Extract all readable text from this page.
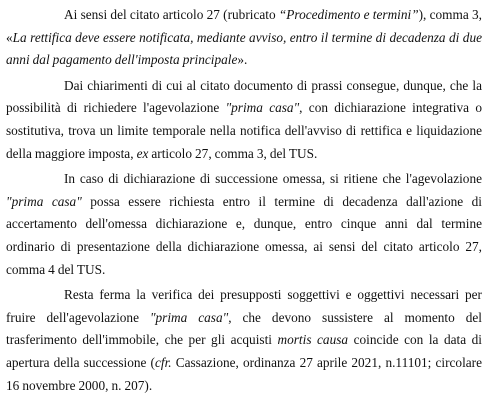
Ai sensi del citato articolo 27 (rubricato “Procedimento e termini”), comma 3, «La rettifica deve essere notificata, mediante avviso, entro il termine di decadenza di due anni dal pagamento dell'imposta principale».

Dai chiarimenti di cui al citato documento di prassi consegue, dunque, che la possibilità di richiedere l'agevolazione "prima casa", con dichiarazione integrativa o sostitutiva, trova un limite temporale nella notifica dell'avviso di rettifica e liquidazione della maggiore imposta, ex articolo 27, comma 3, del TUS.

In caso di dichiarazione di successione omessa, si ritiene che l'agevolazione "prima casa" possa essere richiesta entro il termine di decadenza dall'azione di accertamento dell'omessa dichiarazione e, dunque, entro cinque anni dal termine ordinario di presentazione della dichiarazione omessa, ai sensi del citato articolo 27, comma 4 del TUS.

Resta ferma la verifica dei presupposti soggettivi e oggettivi necessari per fruire dell'agevolazione "prima casa", che devono sussistere al momento del trasferimento dell'immobile, che per gli acquisti mortis causa coincide con la data di apertura della successione (cfr. Cassazione, ordinanza 27 aprile 2021, n.11101; circolare 16 novembre 2000, n. 207).
